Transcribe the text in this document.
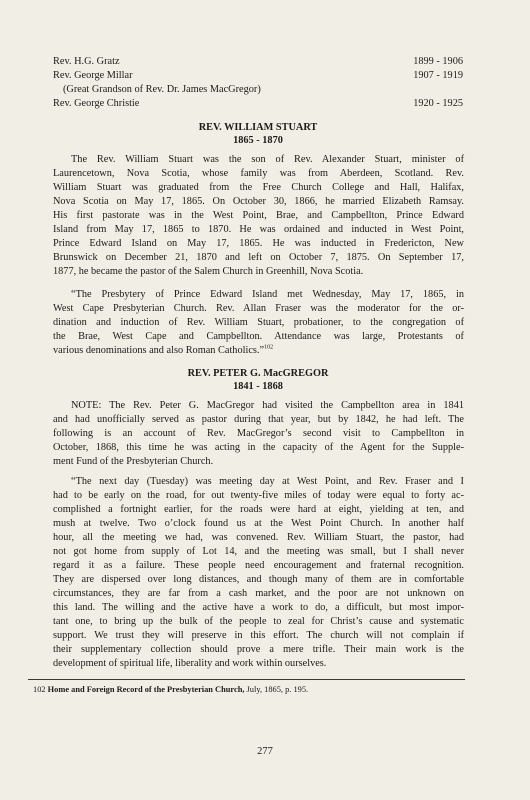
Rev. H.G. Gratz	1899 - 1906
Rev. George Millar	1907 - 1919
(Great Grandson of Rev. Dr. James MacGregor)
Rev. George Christie	1920 - 1925
REV. WILLIAM STUART
1865 - 1870

The Rev. William Stuart was the son of Rev. Alexander Stuart, minister of
Laurencetown, Nova Scotia, whose family was from Aberdeen, Scotland. Rev.
William Stuart was graduated from the Free Church College and Hall, Halifax,
Nova Scotia on May 17, 1865. On October 30, 1866, he married Elizabeth Ramsay.
His first pastorate was in the West Point, Brae, and Campbellton, Prince Edward
Island from May 17, 1865 to 1870. He was ordained and inducted in West Point,
Prince Edward Island on May 17, 1865. He was inducted in Fredericton, New
Brunswick on December 21, 1870 and left on October 7, 1875. On September 17,
1877, he became the pastor of the Salem Church in Greenhill, Nova Scotia.

“The Presbytery of Prince Edward Island met Wednesday, May 17, 1865, in
West Cape Presbyterian Church. Rev. Allan Fraser was the moderator for the or-
dination and induction of Rev. William Stuart, probationer, to the congregation of
the Brae, West Cape and Campbellton. Attendance was large, Protestants of
various denominations and also Roman Catholics.”$^{102}$

REV. PETER G. MacGREGOR
1841 - 1868

NOTE: The Rev. Peter G. MacGregor had visited the Campbellton area in 1841
and had unofficially served as pastor during that year, but by 1842, he had left. The
following is an account of Rev. MacGregor’s second visit to Campbellton in
October, 1868, this time he was acting in the capacity of the Agent for the Supple-
ment Fund of the Presbyterian Church.

“The next day (Tuesday) was meeting day at West Point, and Rev. Fraser and I
had to be early on the road, for out twenty-five miles of today were equal to forty ac-
complished a fortnight earlier, for the roads were hard at eight, yielding at ten, and
mush at twelve. Two o’clock found us at the West Point Church. In another half
hour, all the meeting we had, was convened. Rev. William Stuart, the pastor, had
not got home from supply of Lot 14, and the meeting was small, but I shall never
regard it as a failure. These people need encouragement and fraternal recognition.
They are dispersed over long distances, and though many of them are in comfortable
circumstances, they are far from a cash market, and the poor are not unknown on
this land. The willing and the active have a work to do, a difficult, but most impor-
tant one, to bring up the bulk of the people to zeal for Christ’s cause and systematic
support. We trust they will preserve in this effort. The church will not complain if
their supplementary collection should prove a mere trifle. Their main work is the
development of spiritual life, liberality and work within ourselves.

102 Home and Foreign Record of the Presbyterian Church, July, 1865, p. 195.
277
